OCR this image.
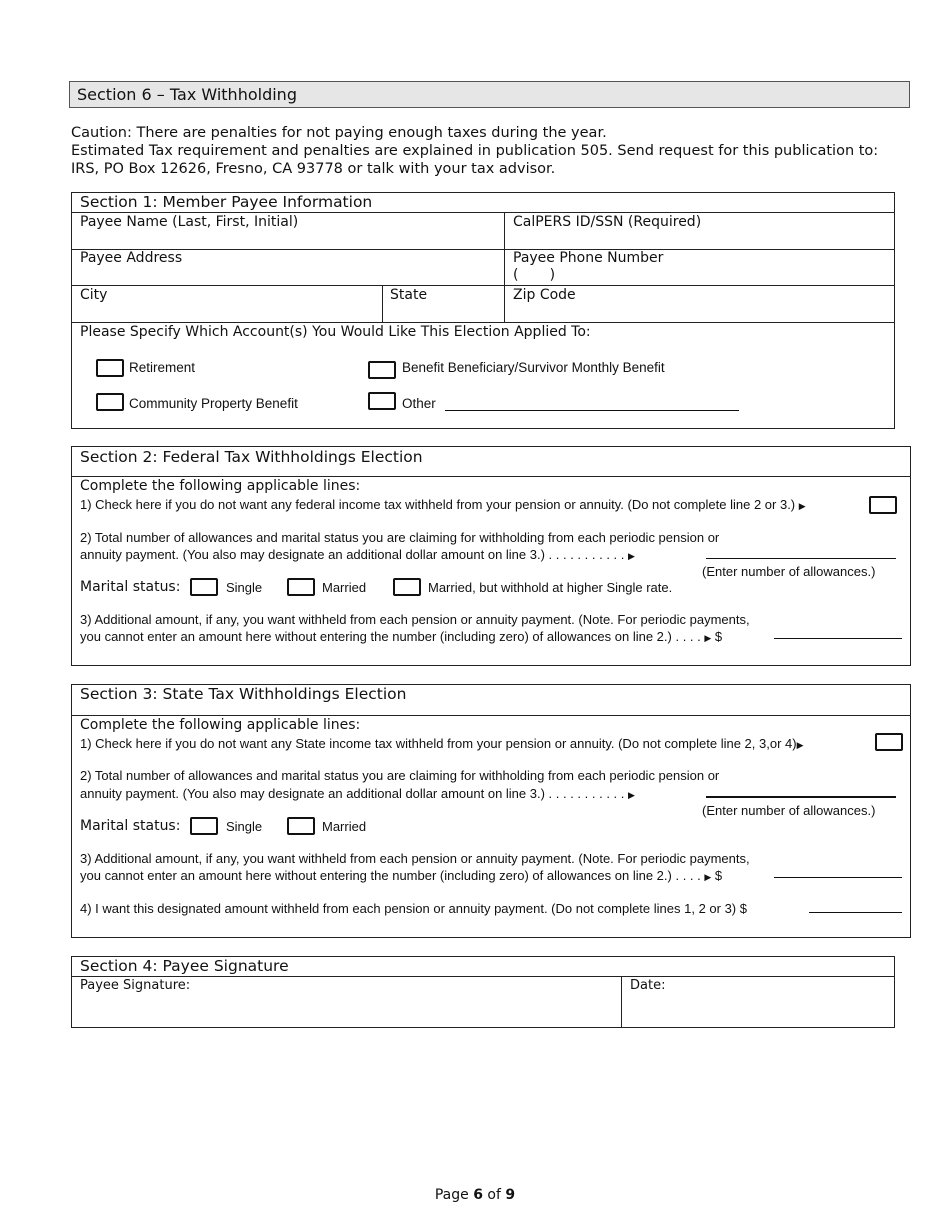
Section 6 – Tax Withholding
Caution: There are penalties for not paying enough taxes during the year.
Estimated Tax requirement and penalties are explained in publication 505. Send request for this publication to:
IRS, PO Box 12626, Fresno, CA 93778 or talk with your tax advisor.
Section 1: Member Payee Information
Payee Name (Last, First, Initial)	CalPERS ID/SSN (Required)
Payee Address	Payee Phone Number
(       )
City	State	Zip Code
Please Specify Which Account(s) You Would Like This Election Applied To:
Retirement	Benefit Beneficiary/Survivor Monthly Benefit
Community Property Benefit	Other
Section 2: Federal Tax Withholdings Election
Complete the following applicable lines:
1) Check here if you do not want any federal income tax withheld from your pension or annuity. (Do not complete line 2 or 3.) ▶
2) Total number of allowances and marital status you are claiming for withholding from each periodic pension or
annuity payment. (You also may designate an additional dollar amount on line 3.) . . . . . . . . . . . ▶
(Enter number of allowances.)
Marital status:	Single	Married	Married, but withhold at higher Single rate.
3) Additional amount, if any, you want withheld from each pension or annuity payment. (Note. For periodic payments,
you cannot enter an amount here without entering the number (including zero) of allowances on line 2.) . . . . ▶ $
Section 3: State Tax Withholdings Election
Complete the following applicable lines:
1) Check here if you do not want any State income tax withheld from your pension or annuity. (Do not complete line 2, 3,or 4)▶
2) Total number of allowances and marital status you are claiming for withholding from each periodic pension or
annuity payment. (You also may designate an additional dollar amount on line 3.) . . . . . . . . . . . ▶
(Enter number of allowances.)
Marital status:	Single	Married
3) Additional amount, if any, you want withheld from each pension or annuity payment. (Note. For periodic payments,
you cannot enter an amount here without entering the number (including zero) of allowances on line 2.) . . . . ▶ $
4) I want this designated amount withheld from each pension or annuity payment. (Do not complete lines 1, 2 or 3) $
Section 4: Payee Signature
Payee Signature:	Date:
Page 6 of 9
